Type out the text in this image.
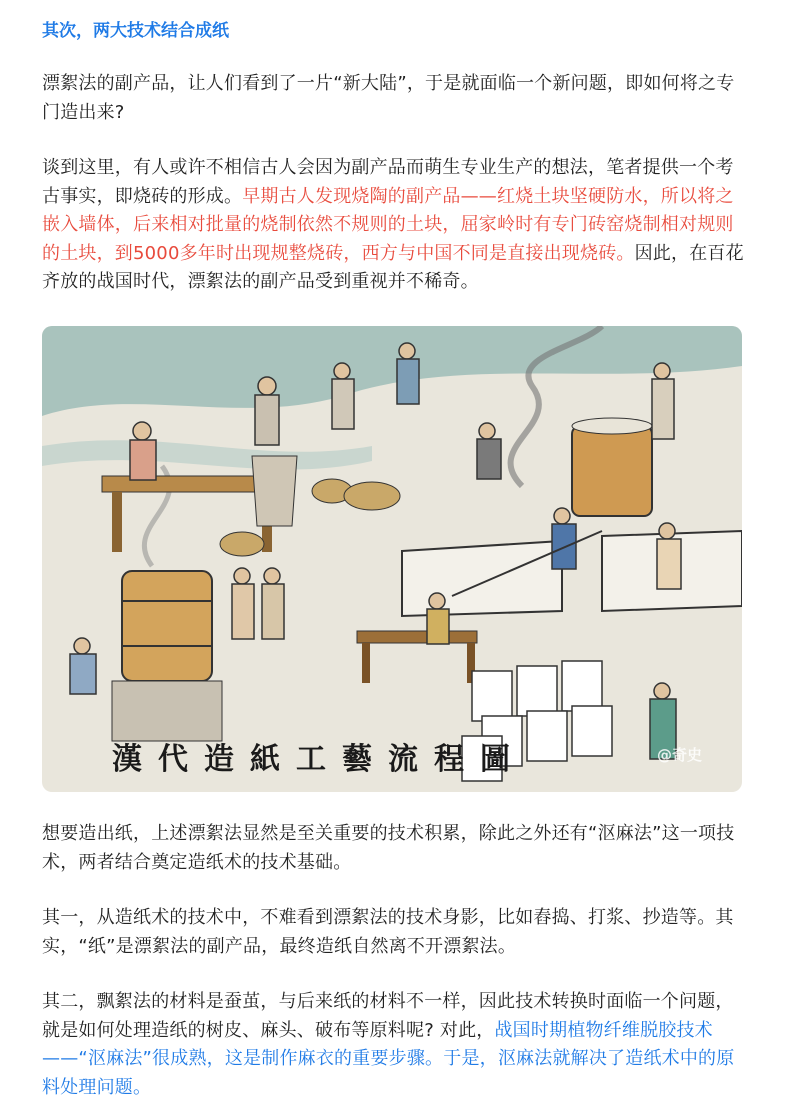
其次，两大技术结合成纸
漂絮法的副产品，让人们看到了一片“新大陆”，于是就面临一个新问题，即如何将之专门造出来?
谈到这里，有人或许不相信古人会因为副产品而萌生专业生产的想法，笔者提供一个考古事实，即烧砖的形成。早期古人发现烧陶的副产品——红烧土块坚硬防水，所以将之嵌入墙体，后来相对批量的烧制依然不规则的土块，屈家岭时有专门砖窑烧制相对规则的土块，到5000多年时出现规整烧砖，西方与中国不同是直接出现烧砖。因此，在百花齐放的战国时代，漂絮法的副产品受到重视并不稀奇。
漢代造紙工藝流程圖	@奇史
想要造出纸，上述漂絮法显然是至关重要的技术积累，除此之外还有“沤麻法”这一项技术，两者结合奠定造纸术的技术基础。
其一，从造纸术的技术中，不难看到漂絮法的技术身影，比如舂捣、打浆、抄造等。其实，“纸”是漂絮法的副产品，最终造纸自然离不开漂絮法。
其二，飘絮法的材料是蚕茧，与后来纸的材料不一样，因此技术转换时面临一个问题，就是如何处理造纸的树皮、麻头、破布等原料呢? 对此，战国时期植物纤维脱胶技术——“沤麻法”很成熟，这是制作麻衣的重要步骤。于是，沤麻法就解决了造纸术中的原料处理问题。
